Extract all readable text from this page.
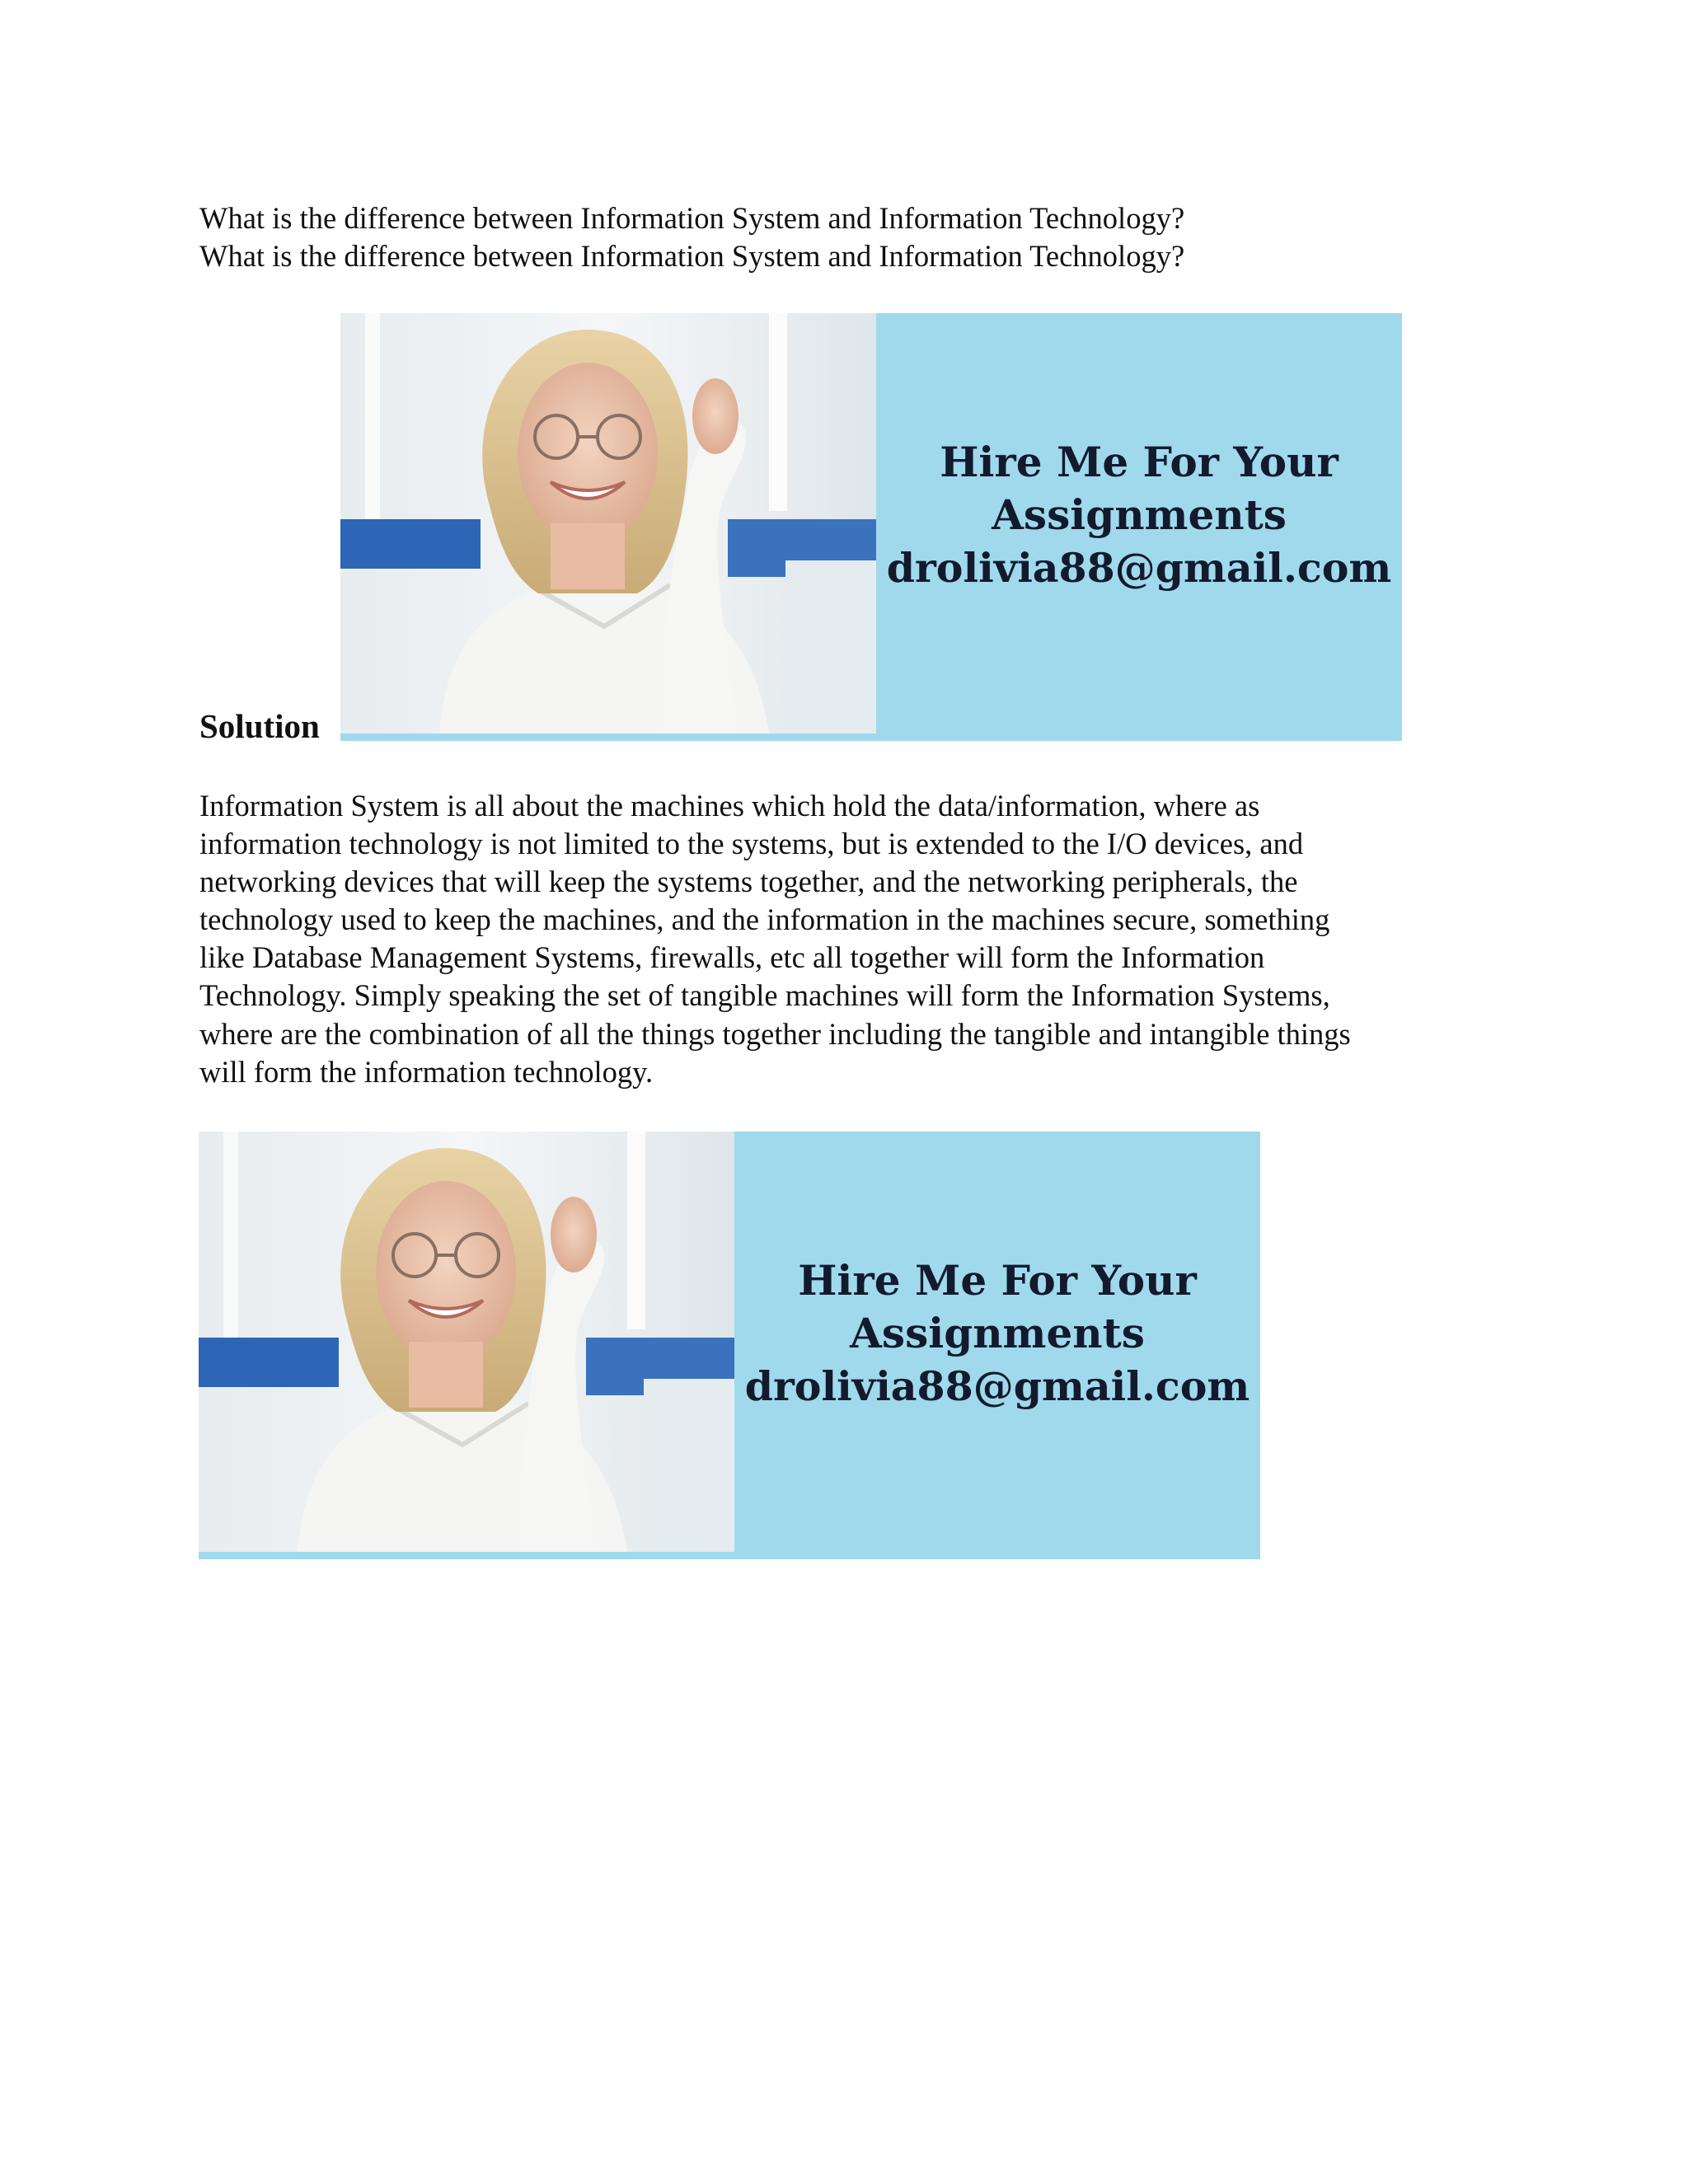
What is the difference between Information System and Information Technology?
What is the difference between Information System and Information Technology?
Hire Me For Your
Assignments
drolivia88@gmail.com
Solution
Information System is all about the machines which hold the data/information, where as
information technology is not limited to the systems, but is extended to the I/O devices, and
networking devices that will keep the systems together, and the networking peripherals, the
technology used to keep the machines, and the information in the machines secure, something
like Database Management Systems, firewalls, etc all together will form the Information
Technology. Simply speaking the set of tangible machines will form the Information Systems,
where are the combination of all the things together including the tangible and intangible things
will form the information technology.
Hire Me For Your
Assignments
drolivia88@gmail.com
